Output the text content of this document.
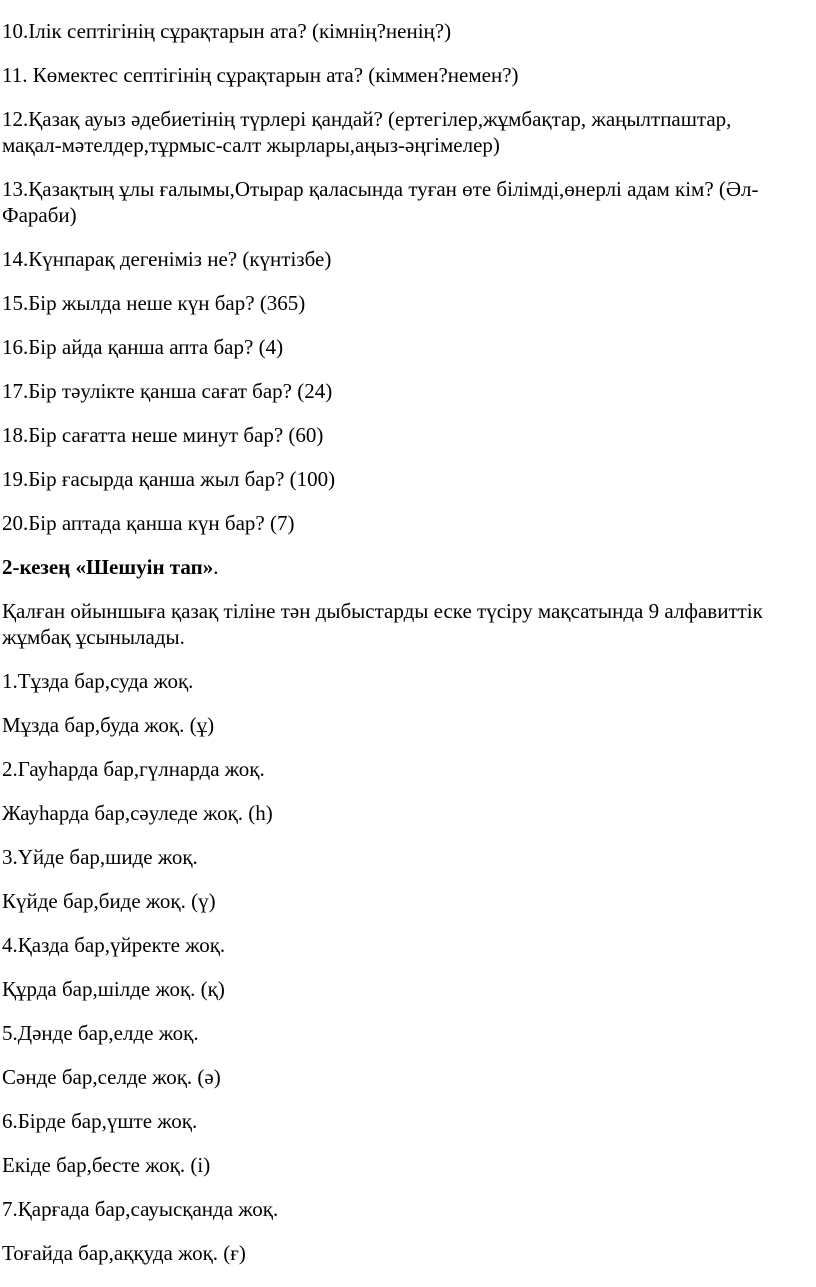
10.Ілік септігінің сұрақтарын ата? (кімнің?ненің?)

11. Көмектес септігінің сұрақтарын ата? (кіммен?немен?)

12.Қазақ ауыз әдебиетінің түрлері қандай? (ертегілер,жұмбақтар, жаңылтпаштар, мақал-мәтелдер,тұрмыс-салт жырлары,аңыз-әңгімелер)

13.Қазақтың ұлы ғалымы,Отырар қаласында туған өте білімді,өнерлі адам кім? (Әл-Фараби)

14.Күнпарақ дегеніміз не? (күнтізбе)

15.Бір жылда неше күн бар? (365)

16.Бір айда қанша апта бар? (4)

17.Бір тәулікте қанша сағат бар? (24)

18.Бір сағатта неше минут бар? (60)

19.Бір ғасырда қанша жыл бар? (100)

20.Бір аптада қанша күн бар? (7)

2-кезең «Шешуін тап».

Қалған ойыншыға қазақ тіліне тән дыбыстарды еске түсіру мақсатында 9 алфавиттік жұмбақ ұсынылады.

1.Тұзда бар,суда жоқ.

Мұзда бар,буда жоқ. (ұ)

2.Гауһарда бар,гүлнарда жоқ.

Жауһарда бар,сәуледе жоқ. (һ)

3.Үйде бар,шиде жоқ.

Күйде бар,биде жоқ. (ү)

4.Қазда бар,үйректе жоқ.

Құрда бар,шілде жоқ. (қ)

5.Дәнде бар,елде жоқ.

Сәнде бар,селде жоқ. (ә)

6.Бірде бар,үште жоқ.

Екіде бар,бесте жоқ. (і)

7.Қарғада бар,сауысқанда жоқ.

Тоғайда бар,аққуда жоқ. (ғ)
